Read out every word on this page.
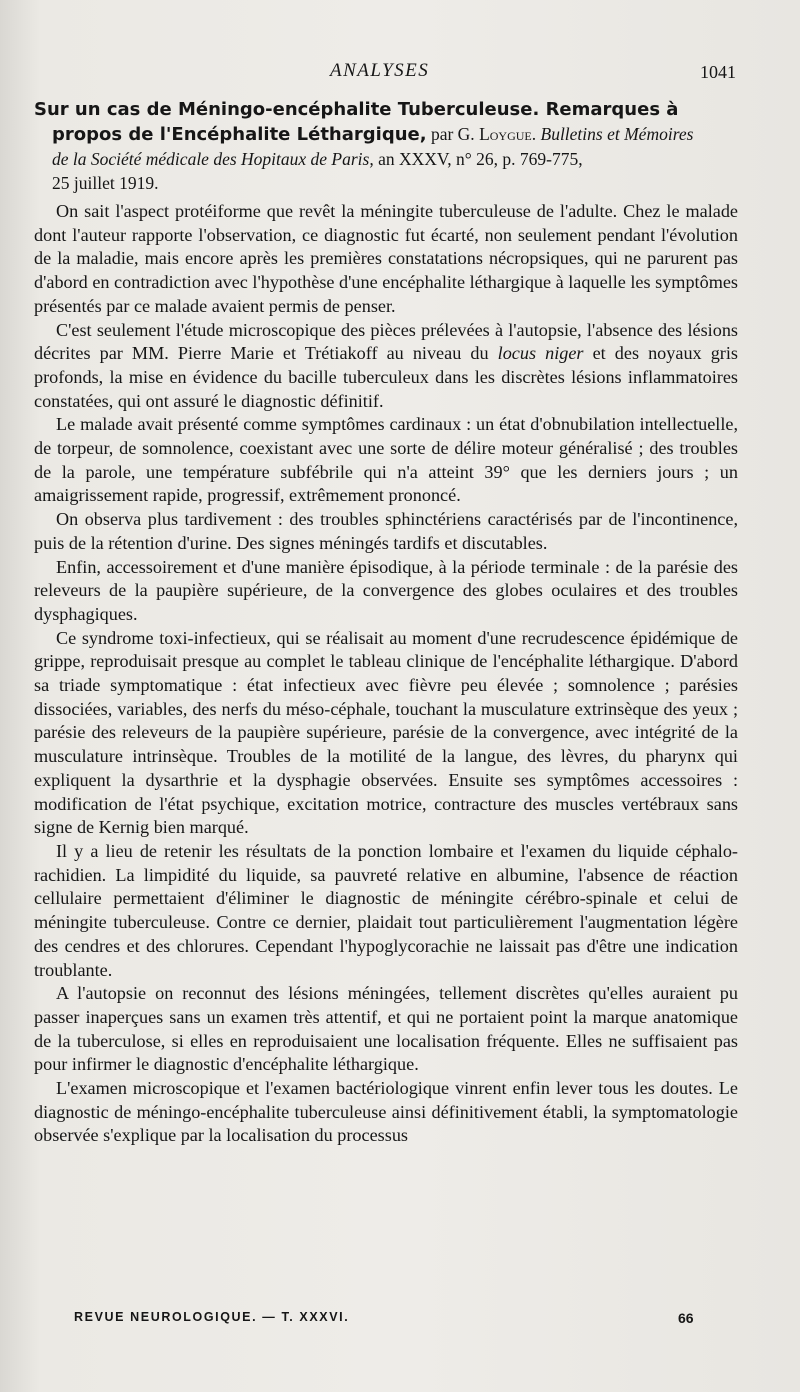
ANALYSES	1041
Sur un cas de Méningo-encéphalite Tuberculeuse. Remarques à
propos de l'Encéphalite Léthargique, par G. Loygue. Bulletins et Mémoires
de la Société médicale des Hopitaux de Paris, an XXXV, n° 26, p. 769-775,
25 juillet 1919.

On sait l'aspect protéiforme que revêt la méningite tuberculeuse de l'adulte. Chez le malade dont l'auteur rapporte l'observation, ce diagnostic fut écarté, non seulement pendant l'évolution de la maladie, mais encore après les premières constatations nécropsiques, qui ne parurent pas d'abord en contradiction avec l'hypothèse d'une encéphalite léthargique à laquelle les symptômes présentés par ce malade avaient permis de penser.

C'est seulement l'étude microscopique des pièces prélevées à l'autopsie, l'absence des lésions décrites par MM. Pierre Marie et Trétiakoff au niveau du locus niger et des noyaux gris profonds, la mise en évidence du bacille tuberculeux dans les discrètes lésions inflammatoires constatées, qui ont assuré le diagnostic définitif.

Le malade avait présenté comme symptômes cardinaux : un état d'obnubilation intellectuelle, de torpeur, de somnolence, coexistant avec une sorte de délire moteur généralisé ; des troubles de la parole, une température subfébrile qui n'a atteint 39° que les derniers jours ; un amaigrissement rapide, progressif, extrêmement prononcé.

On observa plus tardivement : des troubles sphinctériens caractérisés par de l'incontinence, puis de la rétention d'urine. Des signes méningés tardifs et discutables.

Enfin, accessoirement et d'une manière épisodique, à la période terminale : de la parésie des releveurs de la paupière supérieure, de la convergence des globes oculaires et des troubles dysphagiques.

Ce syndrome toxi-infectieux, qui se réalisait au moment d'une recrudescence épidémique de grippe, reproduisait presque au complet le tableau clinique de l'encéphalite léthargique. D'abord sa triade symptomatique : état infectieux avec fièvre peu élevée ; somnolence ; parésies dissociées, variables, des nerfs du méso-céphale, touchant la musculature extrinsèque des yeux ; parésie des releveurs de la paupière supérieure, parésie de la convergence, avec intégrité de la musculature intrinsèque. Troubles de la motilité de la langue, des lèvres, du pharynx qui expliquent la dysarthrie et la dysphagie observées. Ensuite ses symptômes accessoires : modification de l'état psychique, excitation motrice, contracture des muscles vertébraux sans signe de Kernig bien marqué.

Il y a lieu de retenir les résultats de la ponction lombaire et l'examen du liquide céphalo-rachidien. La limpidité du liquide, sa pauvreté relative en albumine, l'absence de réaction cellulaire permettaient d'éliminer le diagnostic de méningite cérébro-spinale et celui de méningite tuberculeuse. Contre ce dernier, plaidait tout particulièrement l'augmentation légère des cendres et des chlorures. Cependant l'hypoglycorachie ne laissait pas d'être une indication troublante.

A l'autopsie on reconnut des lésions méningées, tellement discrètes qu'elles auraient pu passer inaperçues sans un examen très attentif, et qui ne portaient point la marque anatomique de la tuberculose, si elles en reproduisaient une localisation fréquente. Elles ne suffisaient pas pour infirmer le diagnostic d'encéphalite léthargique.

L'examen microscopique et l'examen bactériologique vinrent enfin lever tous les doutes. Le diagnostic de méningo-encéphalite tuberculeuse ainsi définitivement établi, la symptomatologie observée s'explique par la localisation du processus

REVUE NEUROLOGIQUE. — T. XXXVI.	66
